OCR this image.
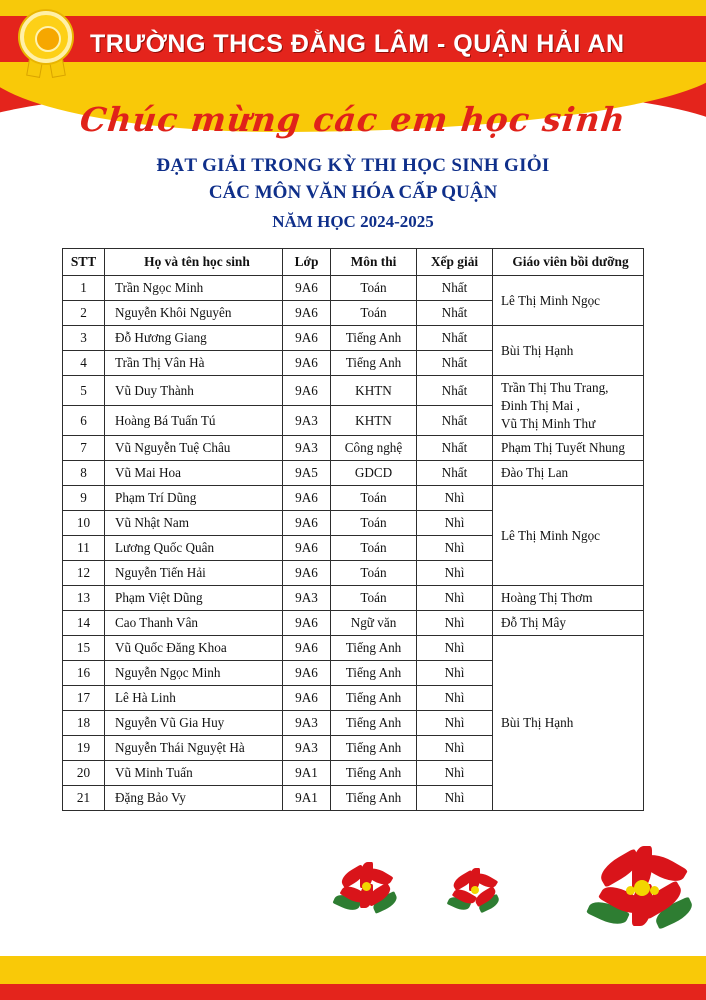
TRƯỜNG THCS ĐẰNG LÂM - QUẬN HẢI AN
Chúc mừng các em học sinh
ĐẠT GIẢI TRONG KỲ THI HỌC SINH GIỎI
CÁC MÔN VĂN HÓA CẤP QUẬN
NĂM HỌC 2024-2025
STT	Họ và tên học sinh	Lớp	Môn thi	Xếp giải	Giáo viên bồi dưỡng
1	Trần Ngọc Minh	9A6	Toán	Nhất	Lê Thị Minh Ngọc
2	Nguyễn Khôi Nguyên	9A6	Toán	Nhất	
3	Đỗ Hương Giang	9A6	Tiếng Anh	Nhất	Bùi Thị Hạnh
4	Trần Thị Vân Hà	9A6	Tiếng Anh	Nhất	
5	Vũ Duy Thành	9A6	KHTN	Nhất	Trần Thị Thu Trang,
Đinh Thị Mai ,
Vũ Thị Minh Thư
6	Hoàng Bá Tuấn Tú	9A3	KHTN	Nhất	
7	Vũ Nguyễn Tuệ Châu	9A3	Công nghệ	Nhất	Phạm Thị Tuyết Nhung
8	Vũ Mai Hoa	9A5	GDCD	Nhất	Đào Thị Lan
9	Phạm Trí Dũng	9A6	Toán	Nhì	Lê Thị Minh Ngọc
10	Vũ Nhật Nam	9A6	Toán	Nhì	
11	Lương Quốc Quân	9A6	Toán	Nhì	
12	Nguyễn Tiến Hải	9A6	Toán	Nhì	
13	Phạm Việt Dũng	9A3	Toán	Nhì	Hoàng Thị Thơm
14	Cao Thanh Vân	9A6	Ngữ văn	Nhì	Đỗ Thị Mây
15	Vũ Quốc Đăng Khoa	9A6	Tiếng Anh	Nhì	Bùi Thị Hạnh
16	Nguyễn Ngọc Minh	9A6	Tiếng Anh	Nhì	
17	Lê Hà Linh	9A6	Tiếng Anh	Nhì	
18	Nguyễn Vũ Gia Huy	9A3	Tiếng Anh	Nhì	
19	Nguyễn Thái Nguyệt Hà	9A3	Tiếng Anh	Nhì	
20	Vũ Minh Tuấn	9A1	Tiếng Anh	Nhì	
21	Đặng Bảo Vy	9A1	Tiếng Anh	Nhì	
